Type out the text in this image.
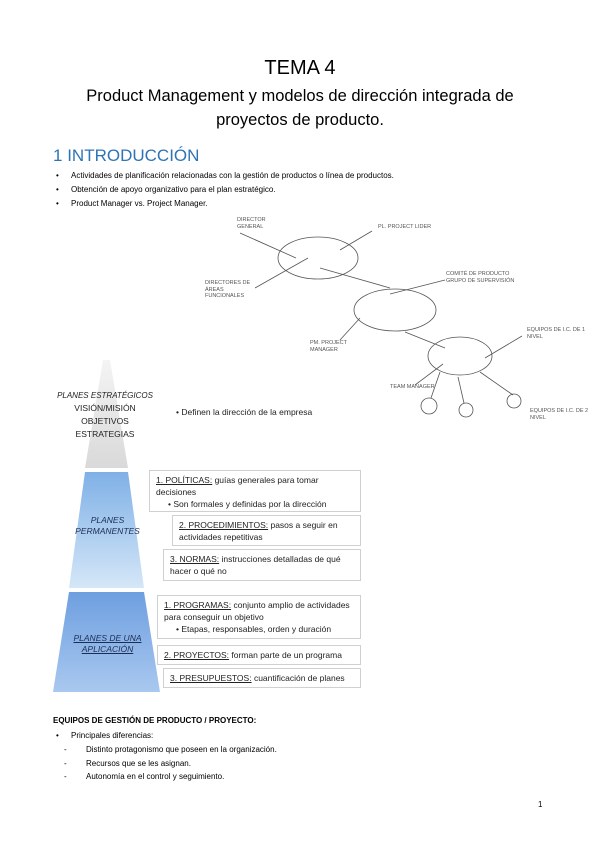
TEMA 4
Product Management y modelos de dirección integrada de proyectos de producto.
1 INTRODUCCIÓN
• Actividades de planificación relacionadas con la gestión de productos o línea de productos.
• Obtención de apoyo organizativo para el plan estratégico.
• Product Manager vs. Project Manager.
DIRECTOR GENERAL	PL. PROJECT LIDER
DIRECTORES DE ÁREAS FUNCIONALES
COMITÉ DE PRODUCTO GRUPO DE SUPERVISIÓN
PM. PROJECT MANAGER
EQUIPOS DE I.C. DE 1 NIVEL
TEAM MANAGER
EQUIPOS DE I.C. DE 2 NIVEL
PLANES ESTRATÉGICOS
VISIÓN/MISIÓN
OBJETIVOS
ESTRATEGIAS
• Definen la dirección de la empresa
PLANES PERMANENTES
1. POLÍTICAS: guías generales para tomar decisiones
• Son formales y definidas por la dirección
2. PROCEDIMIENTOS: pasos a seguir en actividades repetitivas
3. NORMAS: instrucciones detalladas de qué hacer o qué no
PLANES DE UNA APLICACIÓN
1. PROGRAMAS: conjunto amplio de actividades para conseguir un objetivo
• Etapas, responsables, orden y duración
2. PROYECTOS: forman parte de un programa
3. PRESUPUESTOS: cuantificación de planes
EQUIPOS DE GESTIÓN DE PRODUCTO / PROYECTO:
• Principales diferencias:
- Distinto protagonismo que poseen en la organización.
- Recursos que se les asignan.
- Autonomía en el control y seguimiento.
1
